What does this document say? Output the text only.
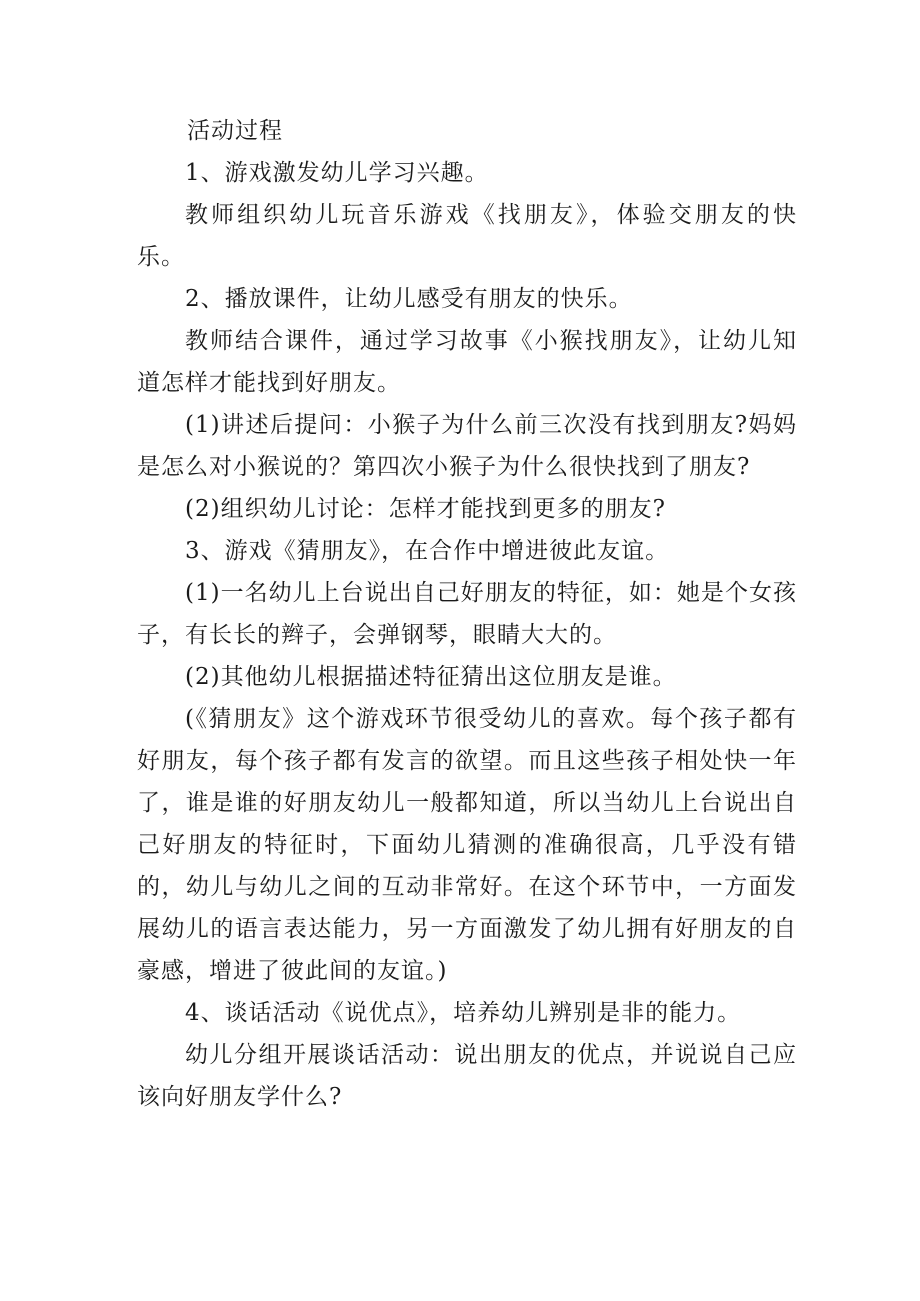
活动过程

1、游戏激发幼儿学习兴趣。

教师组织幼儿玩音乐游戏《找朋友》，体验交朋友的快乐。

2、播放课件，让幼儿感受有朋友的快乐。

教师结合课件，通过学习故事《小猴找朋友》，让幼儿知道怎样才能找到好朋友。

(1)讲述后提问：小猴子为什么前三次没有找到朋友?妈妈是怎么对小猴说的？第四次小猴子为什么很快找到了朋友?

(2)组织幼儿讨论：怎样才能找到更多的朋友?

3、游戏《猜朋友》，在合作中增进彼此友谊。

(1)一名幼儿上台说出自己好朋友的特征，如：她是个女孩子，有长长的辫子，会弹钢琴，眼睛大大的。

(2)其他幼儿根据描述特征猜出这位朋友是谁。

(《猜朋友》这个游戏环节很受幼儿的喜欢。每个孩子都有好朋友，每个孩子都有发言的欲望。而且这些孩子相处快一年了，谁是谁的好朋友幼儿一般都知道，所以当幼儿上台说出自己好朋友的特征时，下面幼儿猜测的准确很高，几乎没有错的，幼儿与幼儿之间的互动非常好。在这个环节中，一方面发展幼儿的语言表达能力，另一方面激发了幼儿拥有好朋友的自豪感，增进了彼此间的友谊。)

4、谈话活动《说优点》，培养幼儿辨别是非的能力。

幼儿分组开展谈话活动：说出朋友的优点，并说说自己应该向好朋友学什么?
